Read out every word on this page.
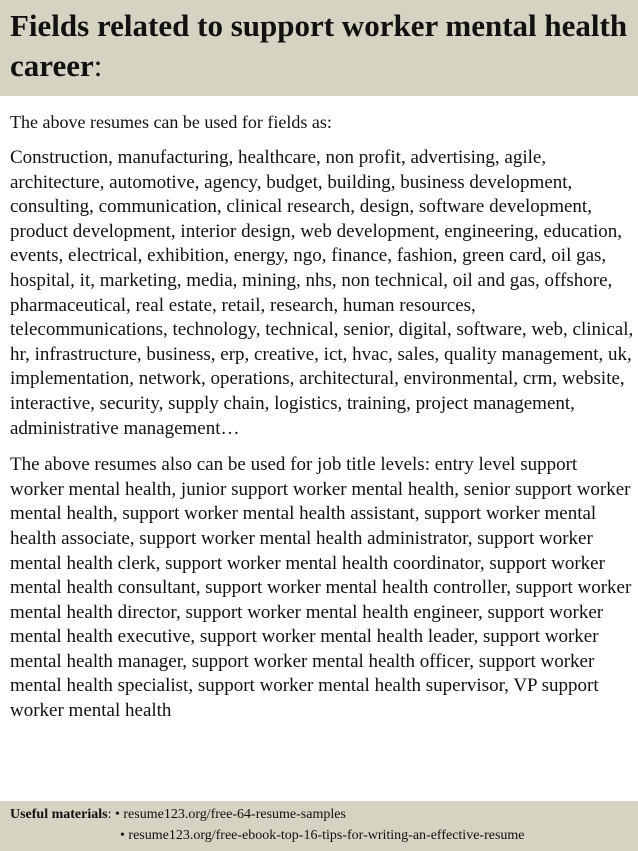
Fields related to support worker mental health career:

The above resumes can be used for fields as:

Construction, manufacturing, healthcare, non profit, advertising, agile, architecture, automotive, agency, budget, building, business development, consulting, communication, clinical research, design, software development, product development, interior design, web development, engineering, education, events, electrical, exhibition, energy, ngo, finance, fashion, green card, oil gas, hospital, it, marketing, media, mining, nhs, non technical, oil and gas, offshore, pharmaceutical, real estate, retail, research, human resources, telecommunications, technology, technical, senior, digital, software, web, clinical, hr, infrastructure, business, erp, creative, ict, hvac, sales, quality management, uk, implementation, network, operations, architectural, environmental, crm, website, interactive, security, supply chain, logistics, training, project management, administrative management…

The above resumes also can be used for job title levels: entry level support worker mental health, junior support worker mental health, senior support worker mental health, support worker mental health assistant, support worker mental health associate, support worker mental health administrator, support worker mental health clerk, support worker mental health coordinator, support worker mental health consultant, support worker mental health controller, support worker mental health director, support worker mental health engineer, support worker mental health executive, support worker mental health leader, support worker mental health manager, support worker mental health officer, support worker mental health specialist, support worker mental health supervisor, VP support worker mental health

Useful materials: • resume123.org/free-64-resume-samples
• resume123.org/free-ebook-top-16-tips-for-writing-an-effective-resume
